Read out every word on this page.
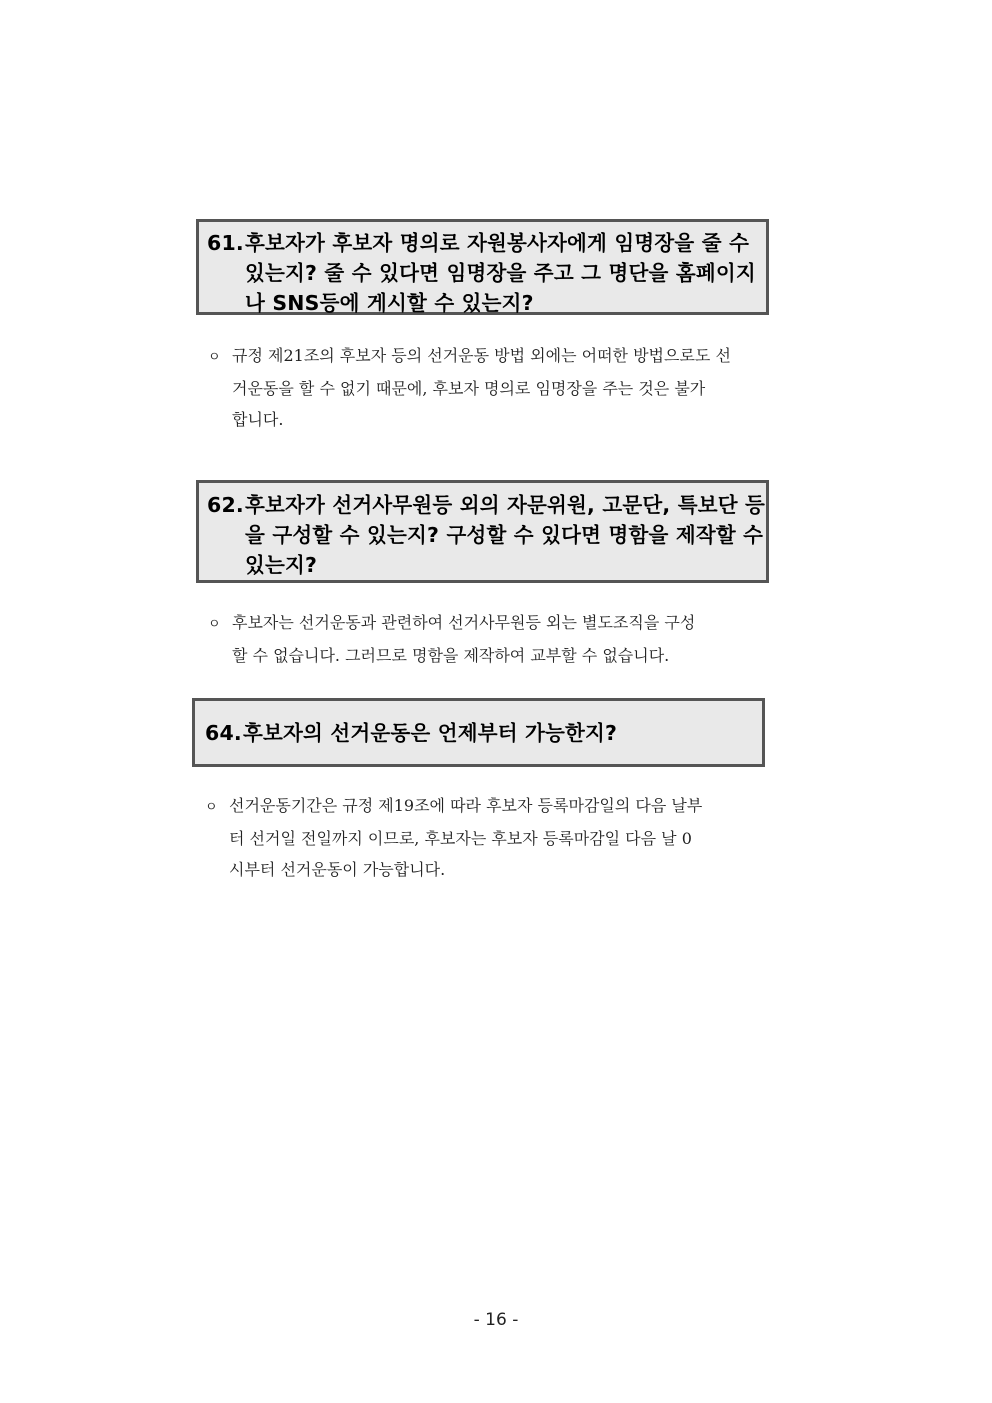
61.후보자가 후보자 명의로 자원봉사자에게 임명장을 줄 수
있는지? 줄 수 있다면 임명장을 주고 그 명단을 홈페이지
나 SNS등에 게시할 수 있는지?
ㅇ 규정 제21조의 후보자 등의 선거운동 방법 외에는 어떠한 방법으로도 선
거운동을 할 수 없기 때문에, 후보자 명의로 임명장을 주는 것은 불가
합니다.
62.후보자가 선거사무원등 외의 자문위원, 고문단, 특보단 등
을 구성할 수 있는지? 구성할 수 있다면 명함을 제작할 수
있는지?
ㅇ 후보자는 선거운동과 관련하여 선거사무원등 외는 별도조직을 구성
할 수 없습니다. 그러므로 명함을 제작하여 교부할 수 없습니다.
64.후보자의 선거운동은 언제부터 가능한지?
ㅇ 선거운동기간은 규정 제19조에 따라 후보자 등록마감일의 다음 날부
터 선거일 전일까지 이므로, 후보자는 후보자 등록마감일 다음 날 0
시부터 선거운동이 가능합니다.
- 16 -
